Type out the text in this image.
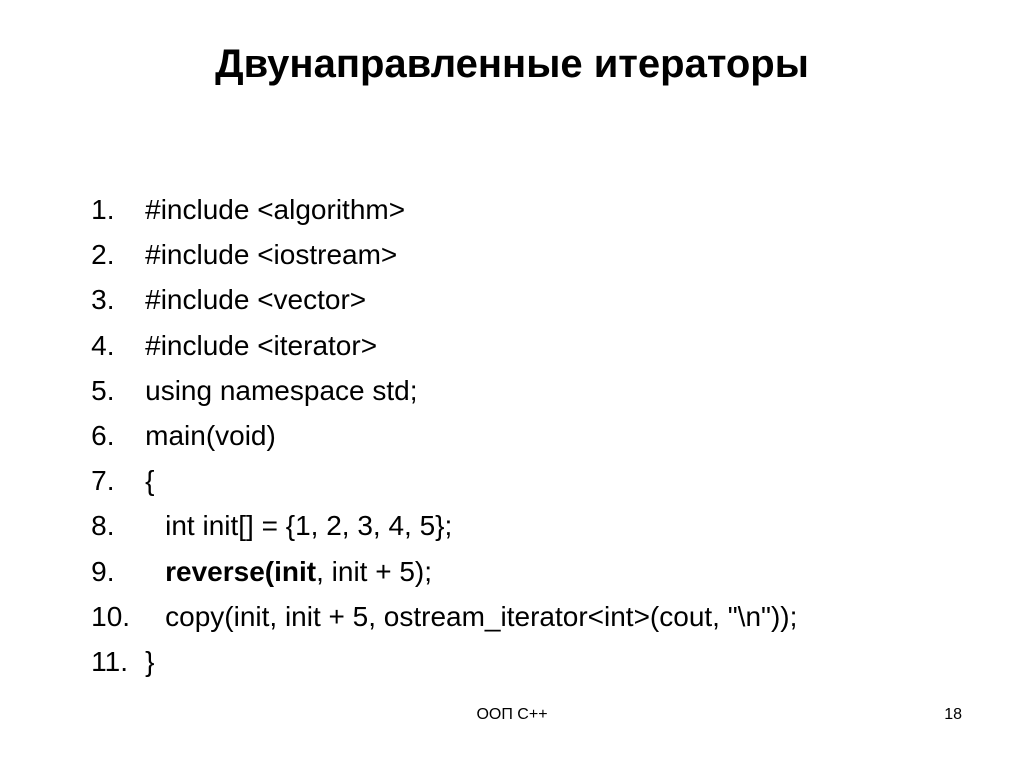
Двунаправленные итераторы

1. #include <algorithm>

2. #include <iostream>

3. #include <vector>

4. #include <iterator>

5. using namespace std;

6. main(void)

7. {

8. int init[] = {1, 2, 3, 4, 5};

9. reverse(init, init + 5);

10. copy(init, init + 5, ostream_iterator<int>(cout, "\n"));

11. }

ООП С++	18
